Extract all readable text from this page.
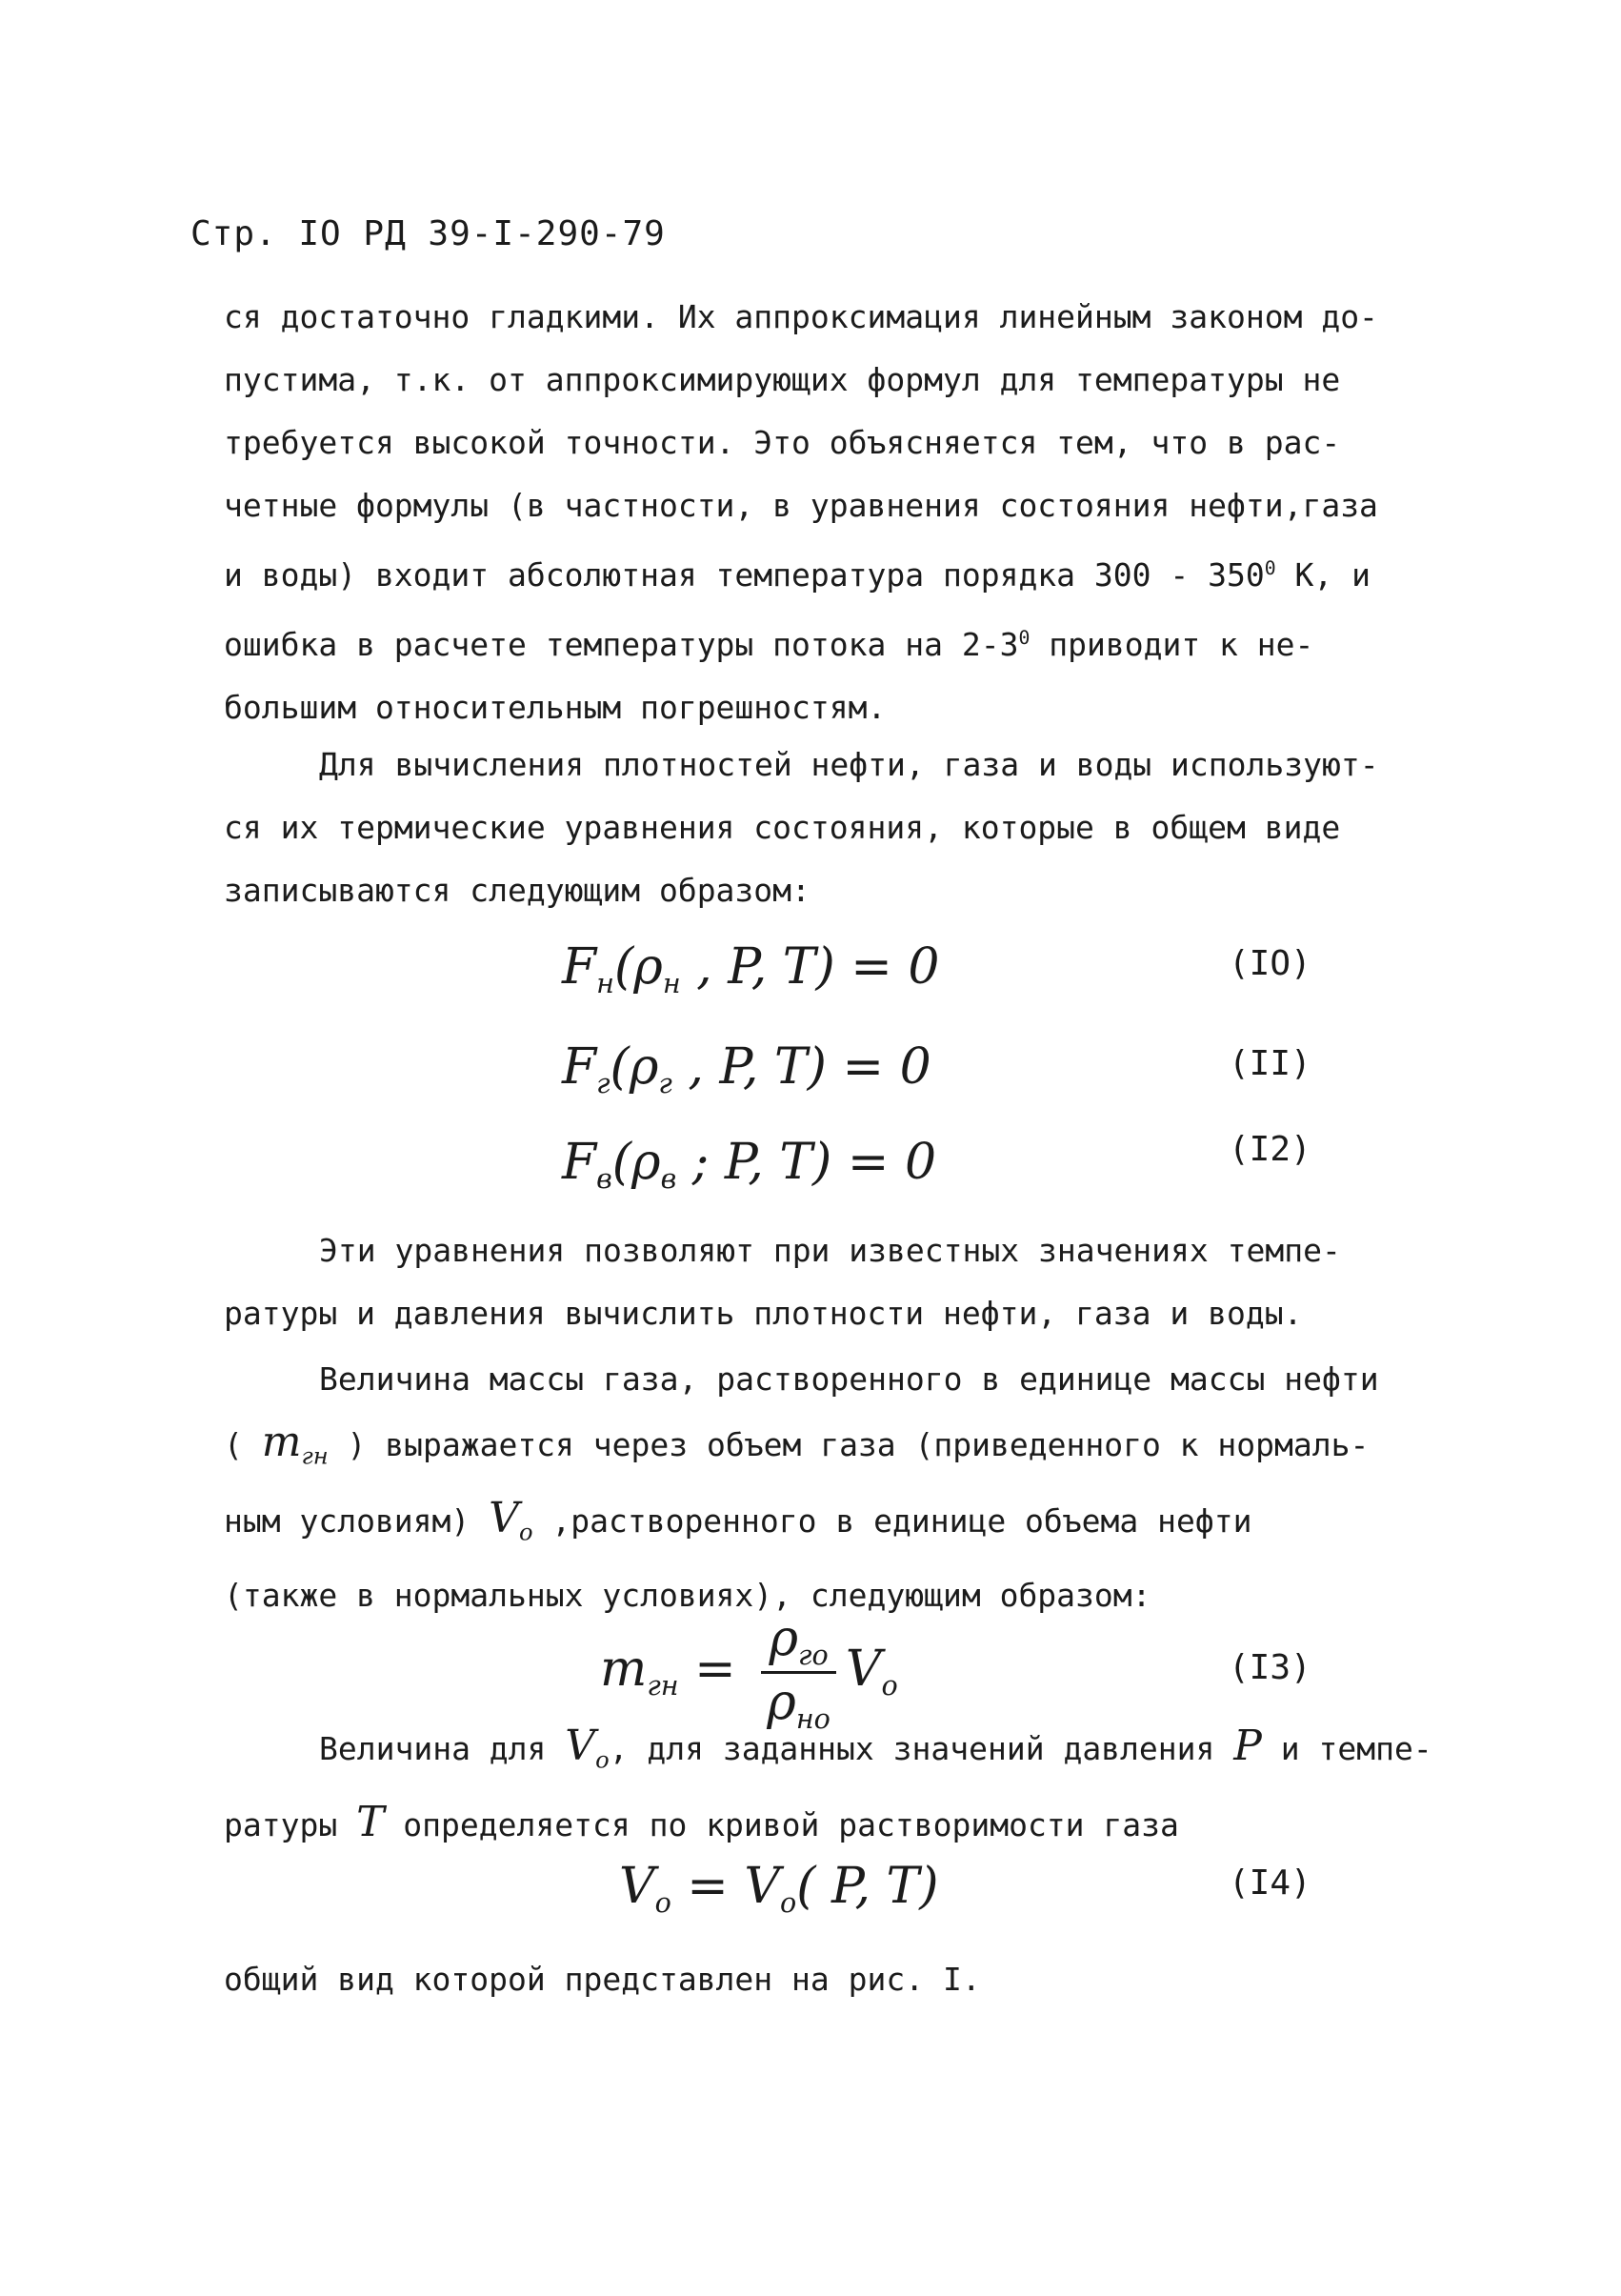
Стр. IO РД 39-I-290-79
ся достаточно гладкими. Их аппроксимация линейным законом до-
пустима, т.к. от аппроксимирующих формул для температуры не
требуется высокой точности. Это объясняется тем, что в рас-
четные формулы (в частности, в уравнения состояния нефти,газа
и воды) входит абсолютная температура порядка $300 - 350^0$ К, и
ошибка в расчете температуры потока на $2-3^0$ приводит к не-
большим относительным погрешностям.
Для вычисления плотностей нефти, газа и воды используют-
ся их термические уравнения состояния, которые в общем виде
записываются следующим образом:
$F_н(\rho_н$ , P, T) = 0	(IO)
$F_г(\rho_г$ , P, T) = 0	(II)
$F_в(\rho_в$ ; P, T) = 0	(I2)
Эти уравнения позволяют при известных значениях темпе-
ратуры и давления вычислить плотности нефти, газа и воды.
Величина массы газа, растворенного в единице массы нефти
( $m_{гн}$ ) выражается через объем газа (приведенного к нормаль-
ным условиям) $V_o$ ,растворенного в единице объема нефти
(также в нормальных условиях), следующим образом:
$m_{гн} = \frac{\rho_{го}}{\rho_{но}} V_o$	(I3)
Величина для $V_o$, для заданных значений давления P и темпе-
ратуры T определяется по кривой растворимости газа
$V_o = V_o$( P, T)	(I4)
общий вид которой представлен на рис. I.
